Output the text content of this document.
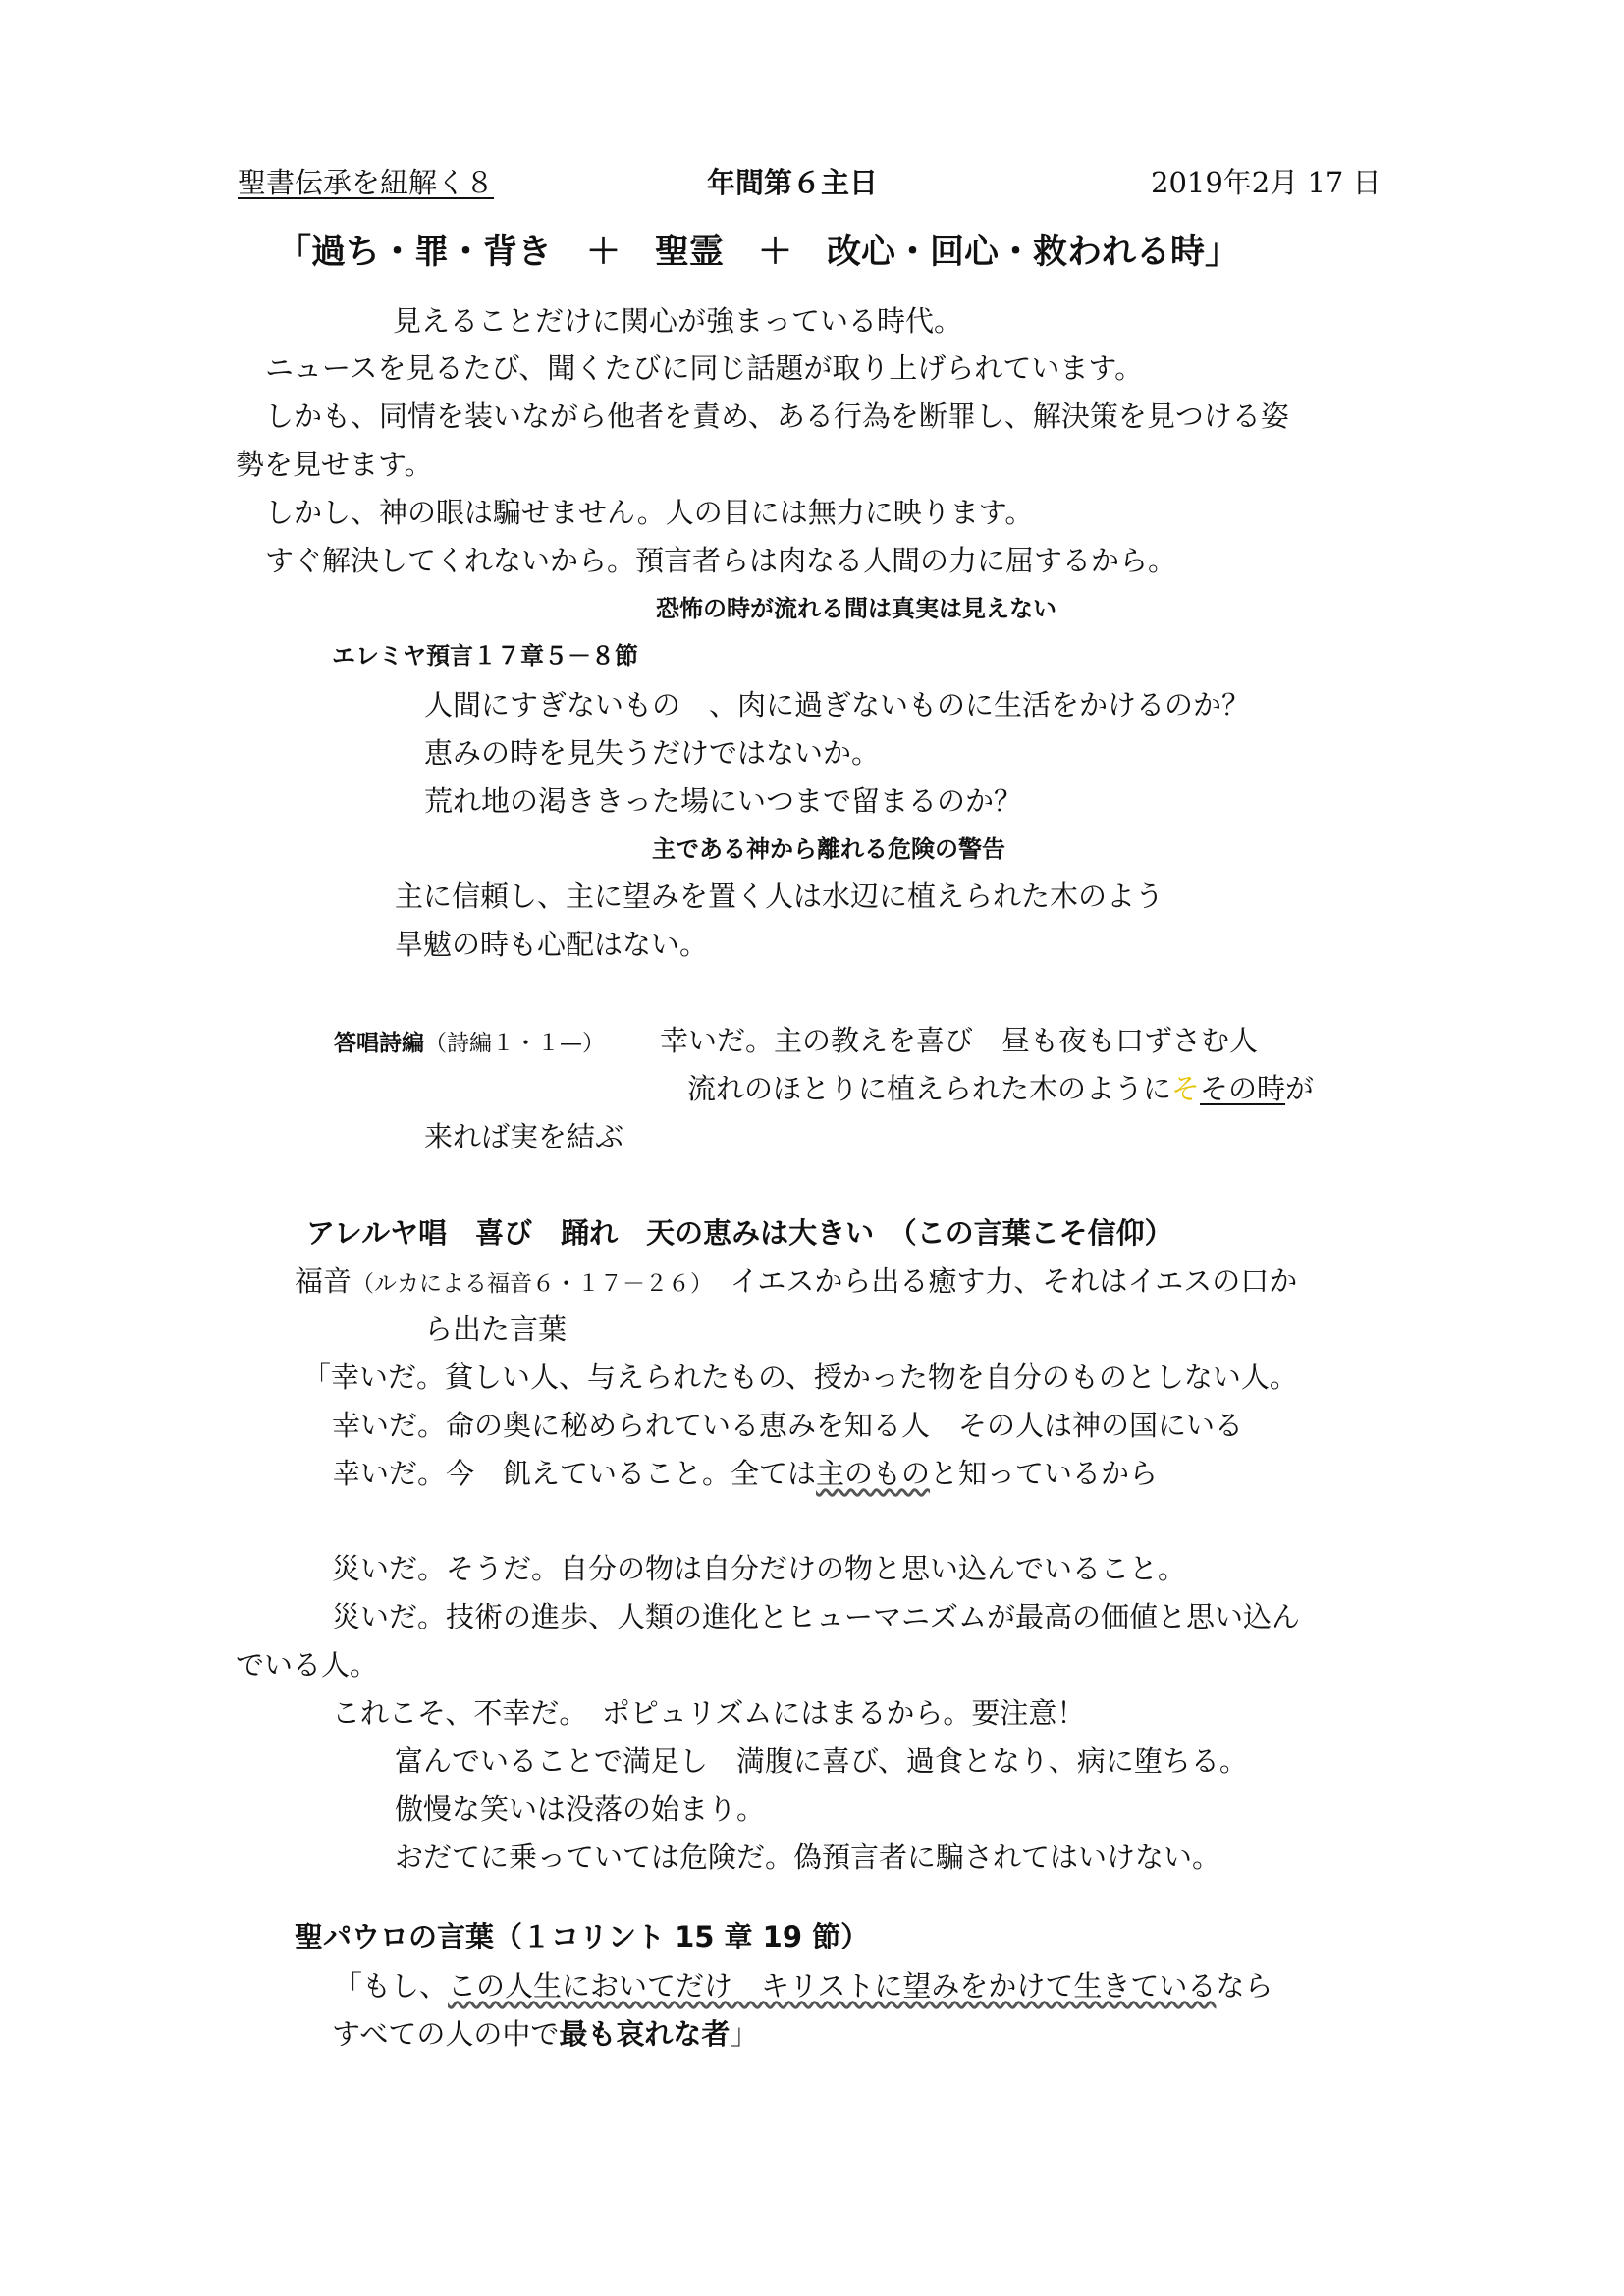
聖書伝承を紐解く８	年間第６主日	2019年2月 17 日
「過ち・罪・背き　＋　聖霊　＋　改心・回心・救われる時」
見えることだけに関心が強まっている時代。
ニュースを見るたび、聞くたびに同じ話題が取り上げられています。
しかも、同情を装いながら他者を責め、ある行為を断罪し、解決策を見つける姿
勢を見せます。
しかし、神の眼は騙せません。人の目には無力に映ります。
すぐ解決してくれないから。預言者らは肉なる人間の力に屈するから。
恐怖の時が流れる間は真実は見えない
エレミヤ預言１７章５－８節
人間にすぎないもの　、肉に過ぎないものに生活をかけるのか？
恵みの時を見失うだけではないか。
荒れ地の渇ききった場にいつまで留まるのか？
主である神から離れる危険の警告
主に信頼し、主に望みを置く人は水辺に植えられた木のよう
旱魃の時も心配はない。
答唱詩編（詩編１・１—） 幸いだ。主の教えを喜び　昼も夜も口ずさむ人
流れのほとりに植えられた木のようにそその時が
来れば実を結ぶ
アレルヤ唱　喜び　踊れ　天の恵みは大きい　（この言葉こそ信仰）
福音（ルカによる福音６・１７－２６）　イエスから出る癒す力、それはイエスの口か
ら出た言葉
「幸いだ。貧しい人、与えられたもの、授かった物を自分のものとしない人。
幸いだ。命の奥に秘められている恵みを知る人　その人は神の国にいる
幸いだ。今　飢えていること。全ては主のものと知っているから
災いだ。そうだ。自分の物は自分だけの物と思い込んでいること。
災いだ。技術の進歩、人類の進化とヒューマニズムが最高の価値と思い込ん
でいる人。
これこそ、不幸だ。　ポピュリズムにはまるから。要注意！
富んでいることで満足し　満腹に喜び、過食となり、病に堕ちる。
傲慢な笑いは没落の始まり。
おだてに乗っていては危険だ。偽預言者に騙されてはいけない。
聖パウロの言葉（１コリント 15 章 19 節）
「もし、この人生においてだけ　キリストに望みをかけて生きているなら
すべての人の中で最も哀れな者」
